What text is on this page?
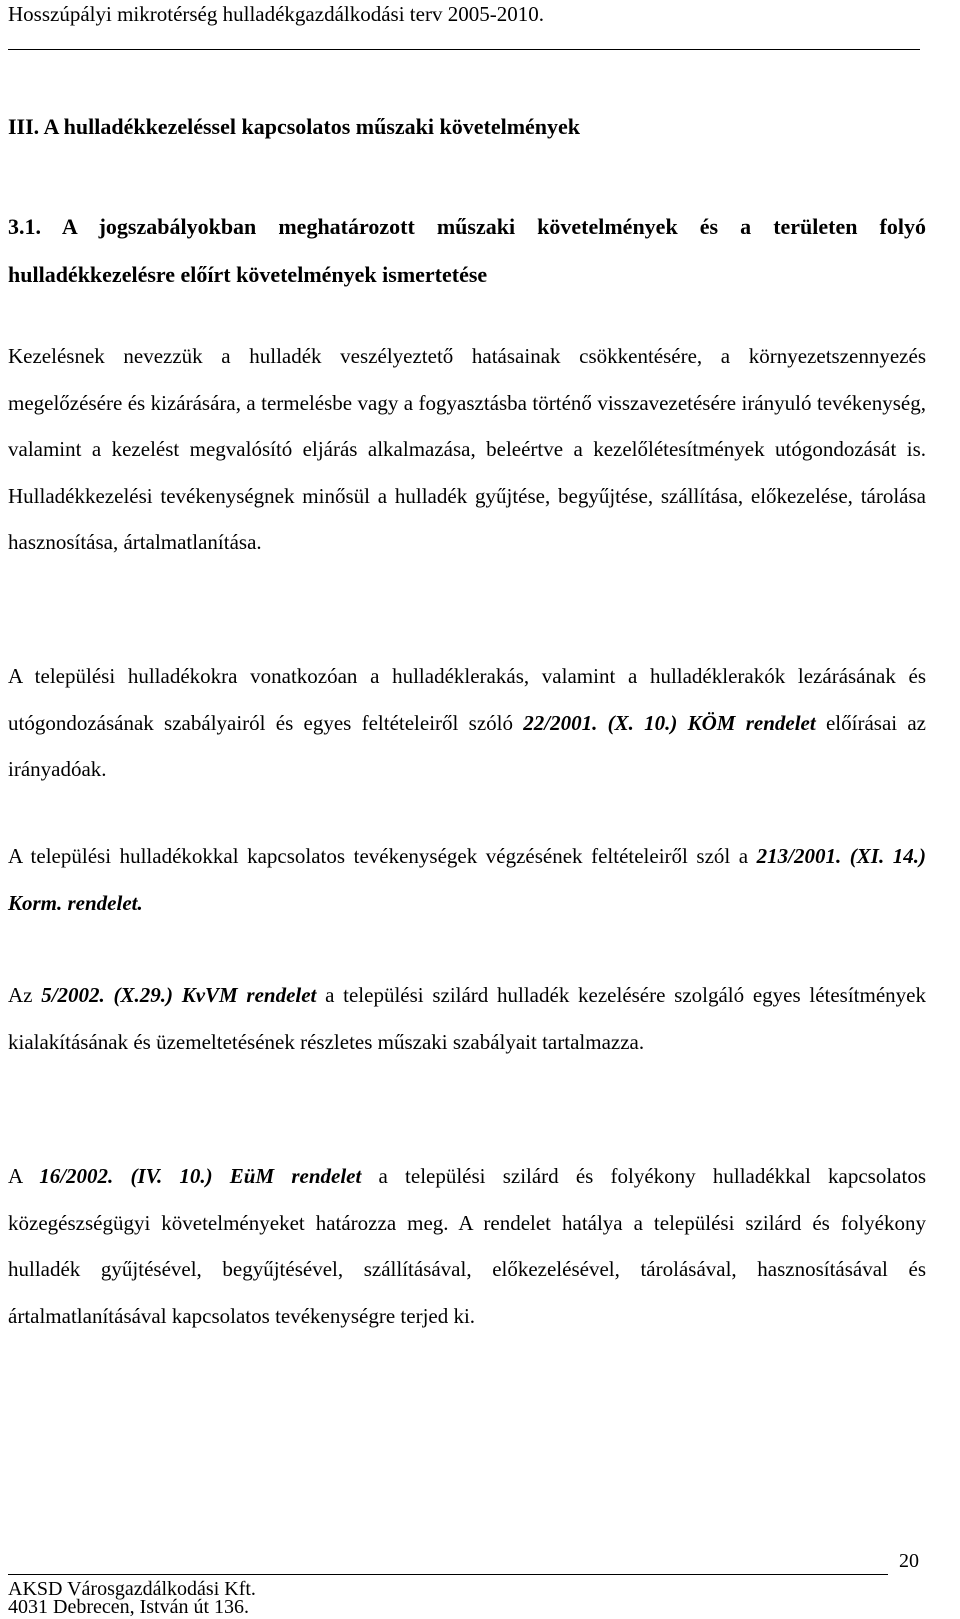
Hosszúpályi mikrotérség hulladékgazdálkodási terv 2005-2010.
III. A hulladékkezeléssel kapcsolatos műszaki követelmények
3.1. A jogszabályokban meghatározott műszaki követelmények és a területen folyó hulladékkezelésre előírt követelmények ismertetése
Kezelésnek nevezzük a hulladék veszélyeztető hatásainak csökkentésére, a környezetszennyezés megelőzésére és kizárására, a termelésbe vagy a fogyasztásba történő visszavezetésére irányuló tevékenység, valamint a kezelést megvalósító eljárás alkalmazása, beleértve a kezelőlétesítmények utógondozását is. Hulladékkezelési tevékenységnek minősül a hulladék gyűjtése, begyűjtése, szállítása, előkezelése, tárolása hasznosítása, ártalmatlanítása.
A települési hulladékokra vonatkozóan a hulladéklerakás, valamint a hulladéklerakók lezárásának és utógondozásának szabályairól és egyes feltételeiről szóló 22/2001. (X. 10.) KÖM rendelet előírásai az irányadóak.
A települési hulladékokkal kapcsolatos tevékenységek végzésének feltételeiről szól a 213/2001. (XI. 14.) Korm. rendelet.
Az 5/2002. (X.29.) KvVM rendelet a települési szilárd hulladék kezelésére szolgáló egyes létesítmények kialakításának és üzemeltetésének részletes műszaki szabályait tartalmazza.
A 16/2002. (IV. 10.) EüM rendelet a települési szilárd és folyékony hulladékkal kapcsolatos közegészségügyi követelményeket határozza meg. A rendelet hatálya a települési szilárd és folyékony hulladék gyűjtésével, begyűjtésével, szállításával, előkezelésével, tárolásával, hasznosításával és ártalmatlanításával kapcsolatos tevékenységre terjed ki.
20
AKSD Városgazdálkodási Kft.
4031 Debrecen, István út 136.
